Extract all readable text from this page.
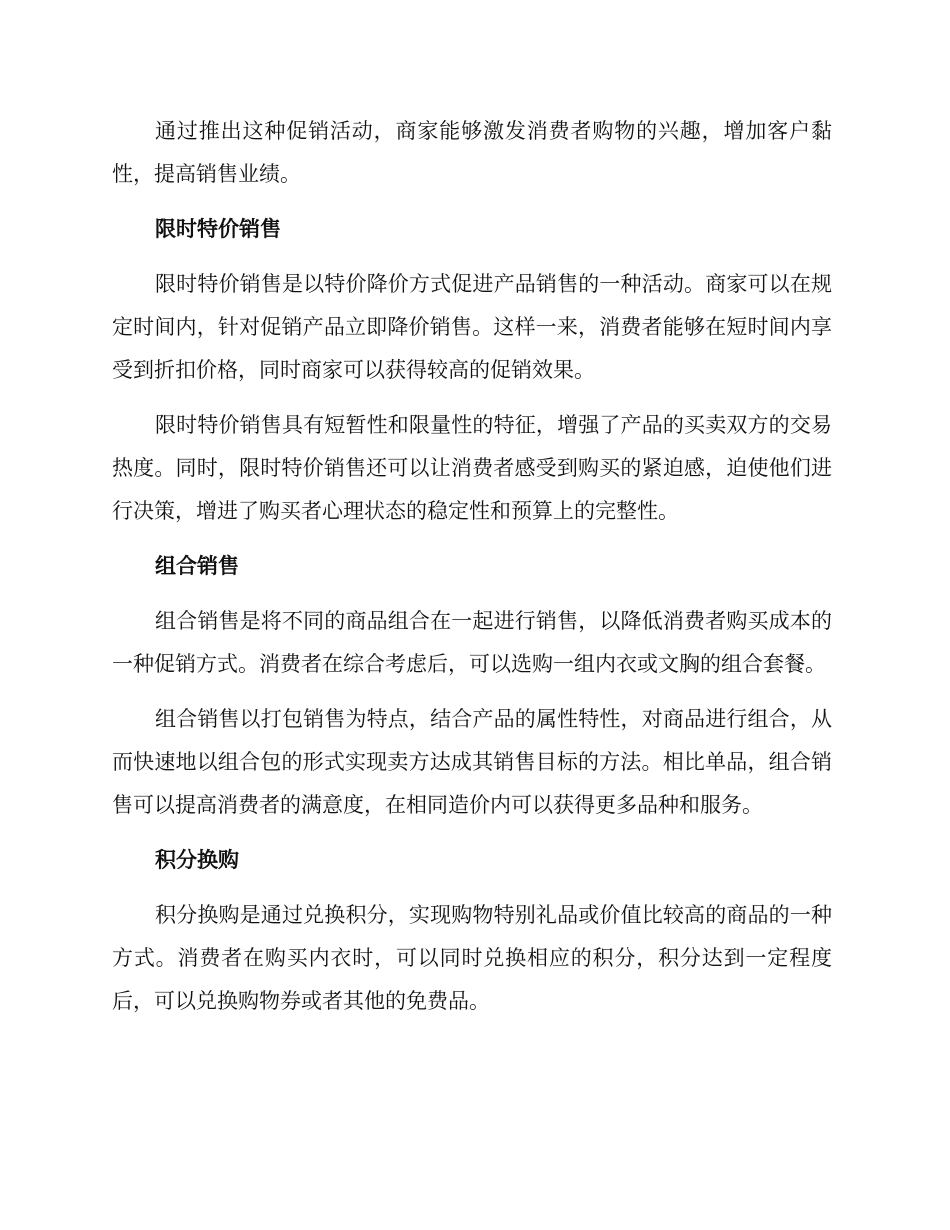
通过推出这种促销活动，商家能够激发消费者购物的兴趣，增加客户黏性，提高销售业绩。

限时特价销售

限时特价销售是以特价降价方式促进产品销售的一种活动。商家可以在规定时间内，针对促销产品立即降价销售。这样一来，消费者能够在短时间内享受到折扣价格，同时商家可以获得较高的促销效果。

限时特价销售具有短暂性和限量性的特征，增强了产品的买卖双方的交易热度。同时，限时特价销售还可以让消费者感受到购买的紧迫感，迫使他们进行决策，增进了购买者心理状态的稳定性和预算上的完整性。

组合销售

组合销售是将不同的商品组合在一起进行销售，以降低消费者购买成本的一种促销方式。消费者在综合考虑后，可以选购一组内衣或文胸的组合套餐。

组合销售以打包销售为特点，结合产品的属性特性，对商品进行组合，从而快速地以组合包的形式实现卖方达成其销售目标的方法。相比单品，组合销售可以提高消费者的满意度，在相同造价内可以获得更多品种和服务。

积分换购

积分换购是通过兑换积分，实现购物特别礼品或价值比较高的商品的一种方式。消费者在购买内衣时，可以同时兑换相应的积分，积分达到一定程度后，可以兑换购物券或者其他的免费品。
